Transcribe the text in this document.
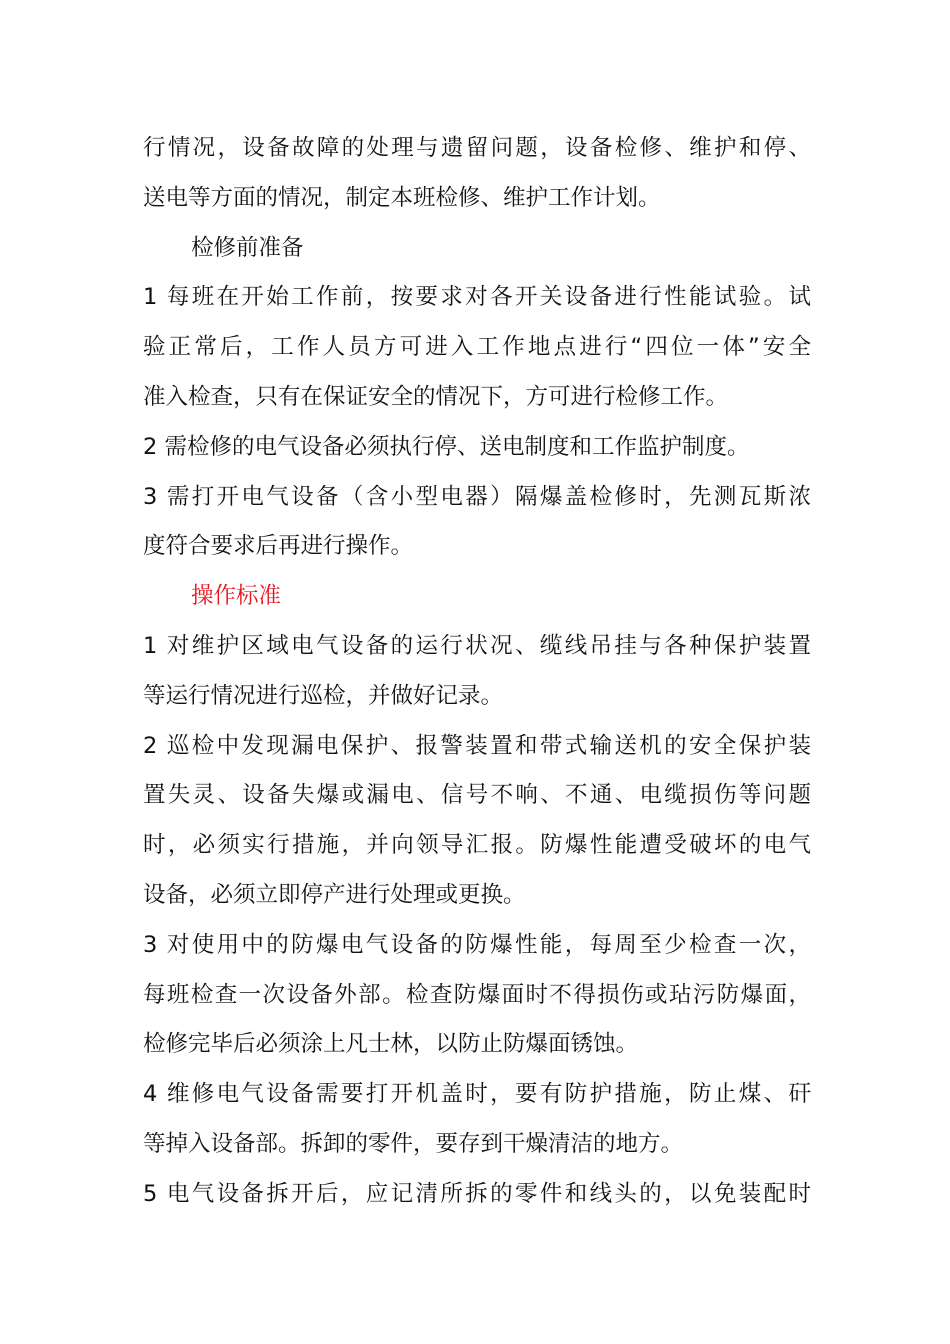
行情况，设备故障的处理与遗留问题，设备检修、维护和停、
送电等方面的情况，制定本班检修、维护工作计划。
检修前准备
1 每班在开始工作前，按要求对各开关设备进行性能试验。试
验正常后，工作人员方可进入工作地点进行“四位一体”安全
准入检查，只有在保证安全的情况下，方可进行检修工作。
2 需检修的电气设备必须执行停、送电制度和工作监护制度。
3 需打开电气设备（含小型电器）隔爆盖检修时，先测瓦斯浓
度符合要求后再进行操作。
操作标准
1 对维护区域电气设备的运行状况、缆线吊挂与各种保护装置
等运行情况进行巡检，并做好记录。
2 巡检中发现漏电保护、报警装置和带式输送机的安全保护装
置失灵、设备失爆或漏电、信号不响、不通、电缆损伤等问题
时，必须实行措施，并向领导汇报。防爆性能遭受破坏的电气
设备，必须立即停产进行处理或更换。
3 对使用中的防爆电气设备的防爆性能，每周至少检查一次，
每班检查一次设备外部。检查防爆面时不得损伤或玷污防爆面，
检修完毕后必须涂上凡士林，以防止防爆面锈蚀。
4 维修电气设备需要打开机盖时，要有防护措施，防止煤、矸
等掉入设备部。拆卸的零件，要存到干燥清洁的地方。
5 电气设备拆开后，应记清所拆的零件和线头的，以免装配时
